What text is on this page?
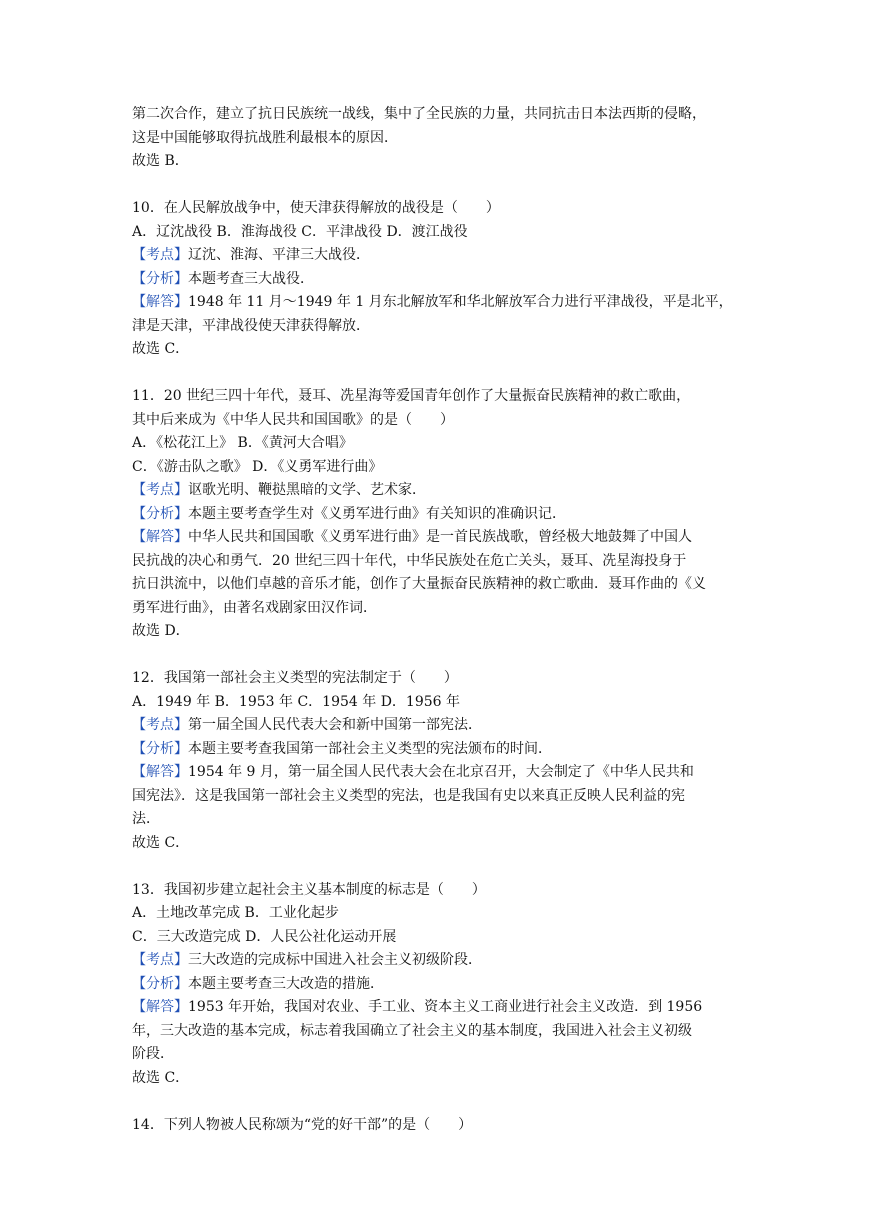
第二次合作，建立了抗日民族统一战线，集中了全民族的力量，共同抗击日本法西斯的侵略，
这是中国能够取得抗战胜利最根本的原因．
故选 B．
10．在人民解放战争中，使天津获得解放的战役是（　　）
A．辽沈战役 B．淮海战役 C．平津战役 D．渡江战役
【考点】辽沈、淮海、平津三大战役．
【分析】本题考查三大战役．
【解答】1948 年 11 月～1949 年 1 月东北解放军和华北解放军合力进行平津战役，平是北平，
津是天津，平津战役使天津获得解放．
故选 C．
11．20 世纪三四十年代，聂耳、冼星海等爱国青年创作了大量振奋民族精神的救亡歌曲，
其中后来成为《中华人民共和国国歌》的是（　　）
A．《松花江上》 B．《黄河大合唱》
C．《游击队之歌》 D．《义勇军进行曲》
【考点】讴歌光明、鞭挞黑暗的文学、艺术家．
【分析】本题主要考查学生对《义勇军进行曲》有关知识的准确识记．
【解答】中华人民共和国国歌《义勇军进行曲》是一首民族战歌，曾经极大地鼓舞了中国人
民抗战的决心和勇气．20 世纪三四十年代，中华民族处在危亡关头，聂耳、冼星海投身于
抗日洪流中，以他们卓越的音乐才能，创作了大量振奋民族精神的救亡歌曲．聂耳作曲的《义
勇军进行曲》，由著名戏剧家田汉作词．
故选 D．
12．我国第一部社会主义类型的宪法制定于（　　）
A．1949 年 B．1953 年 C．1954 年 D．1956 年
【考点】第一届全国人民代表大会和新中国第一部宪法．
【分析】本题主要考查我国第一部社会主义类型的宪法颁布的时间．
【解答】1954 年 9 月，第一届全国人民代表大会在北京召开，大会制定了《中华人民共和
国宪法》．这是我国第一部社会主义类型的宪法，也是我国有史以来真正反映人民利益的宪
法．
故选 C．
13．我国初步建立起社会主义基本制度的标志是（　　）
A．土地改革完成 B．工业化起步
C．三大改造完成 D．人民公社化运动开展
【考点】三大改造的完成标中国进入社会主义初级阶段．
【分析】本题主要考查三大改造的措施．
【解答】1953 年开始，我国对农业、手工业、资本主义工商业进行社会主义改造．到 1956
年，三大改造的基本完成，标志着我国确立了社会主义的基本制度，我国进入社会主义初级
阶段．
故选 C．
14．下列人物被人民称颂为“党的好干部”的是（　　）
